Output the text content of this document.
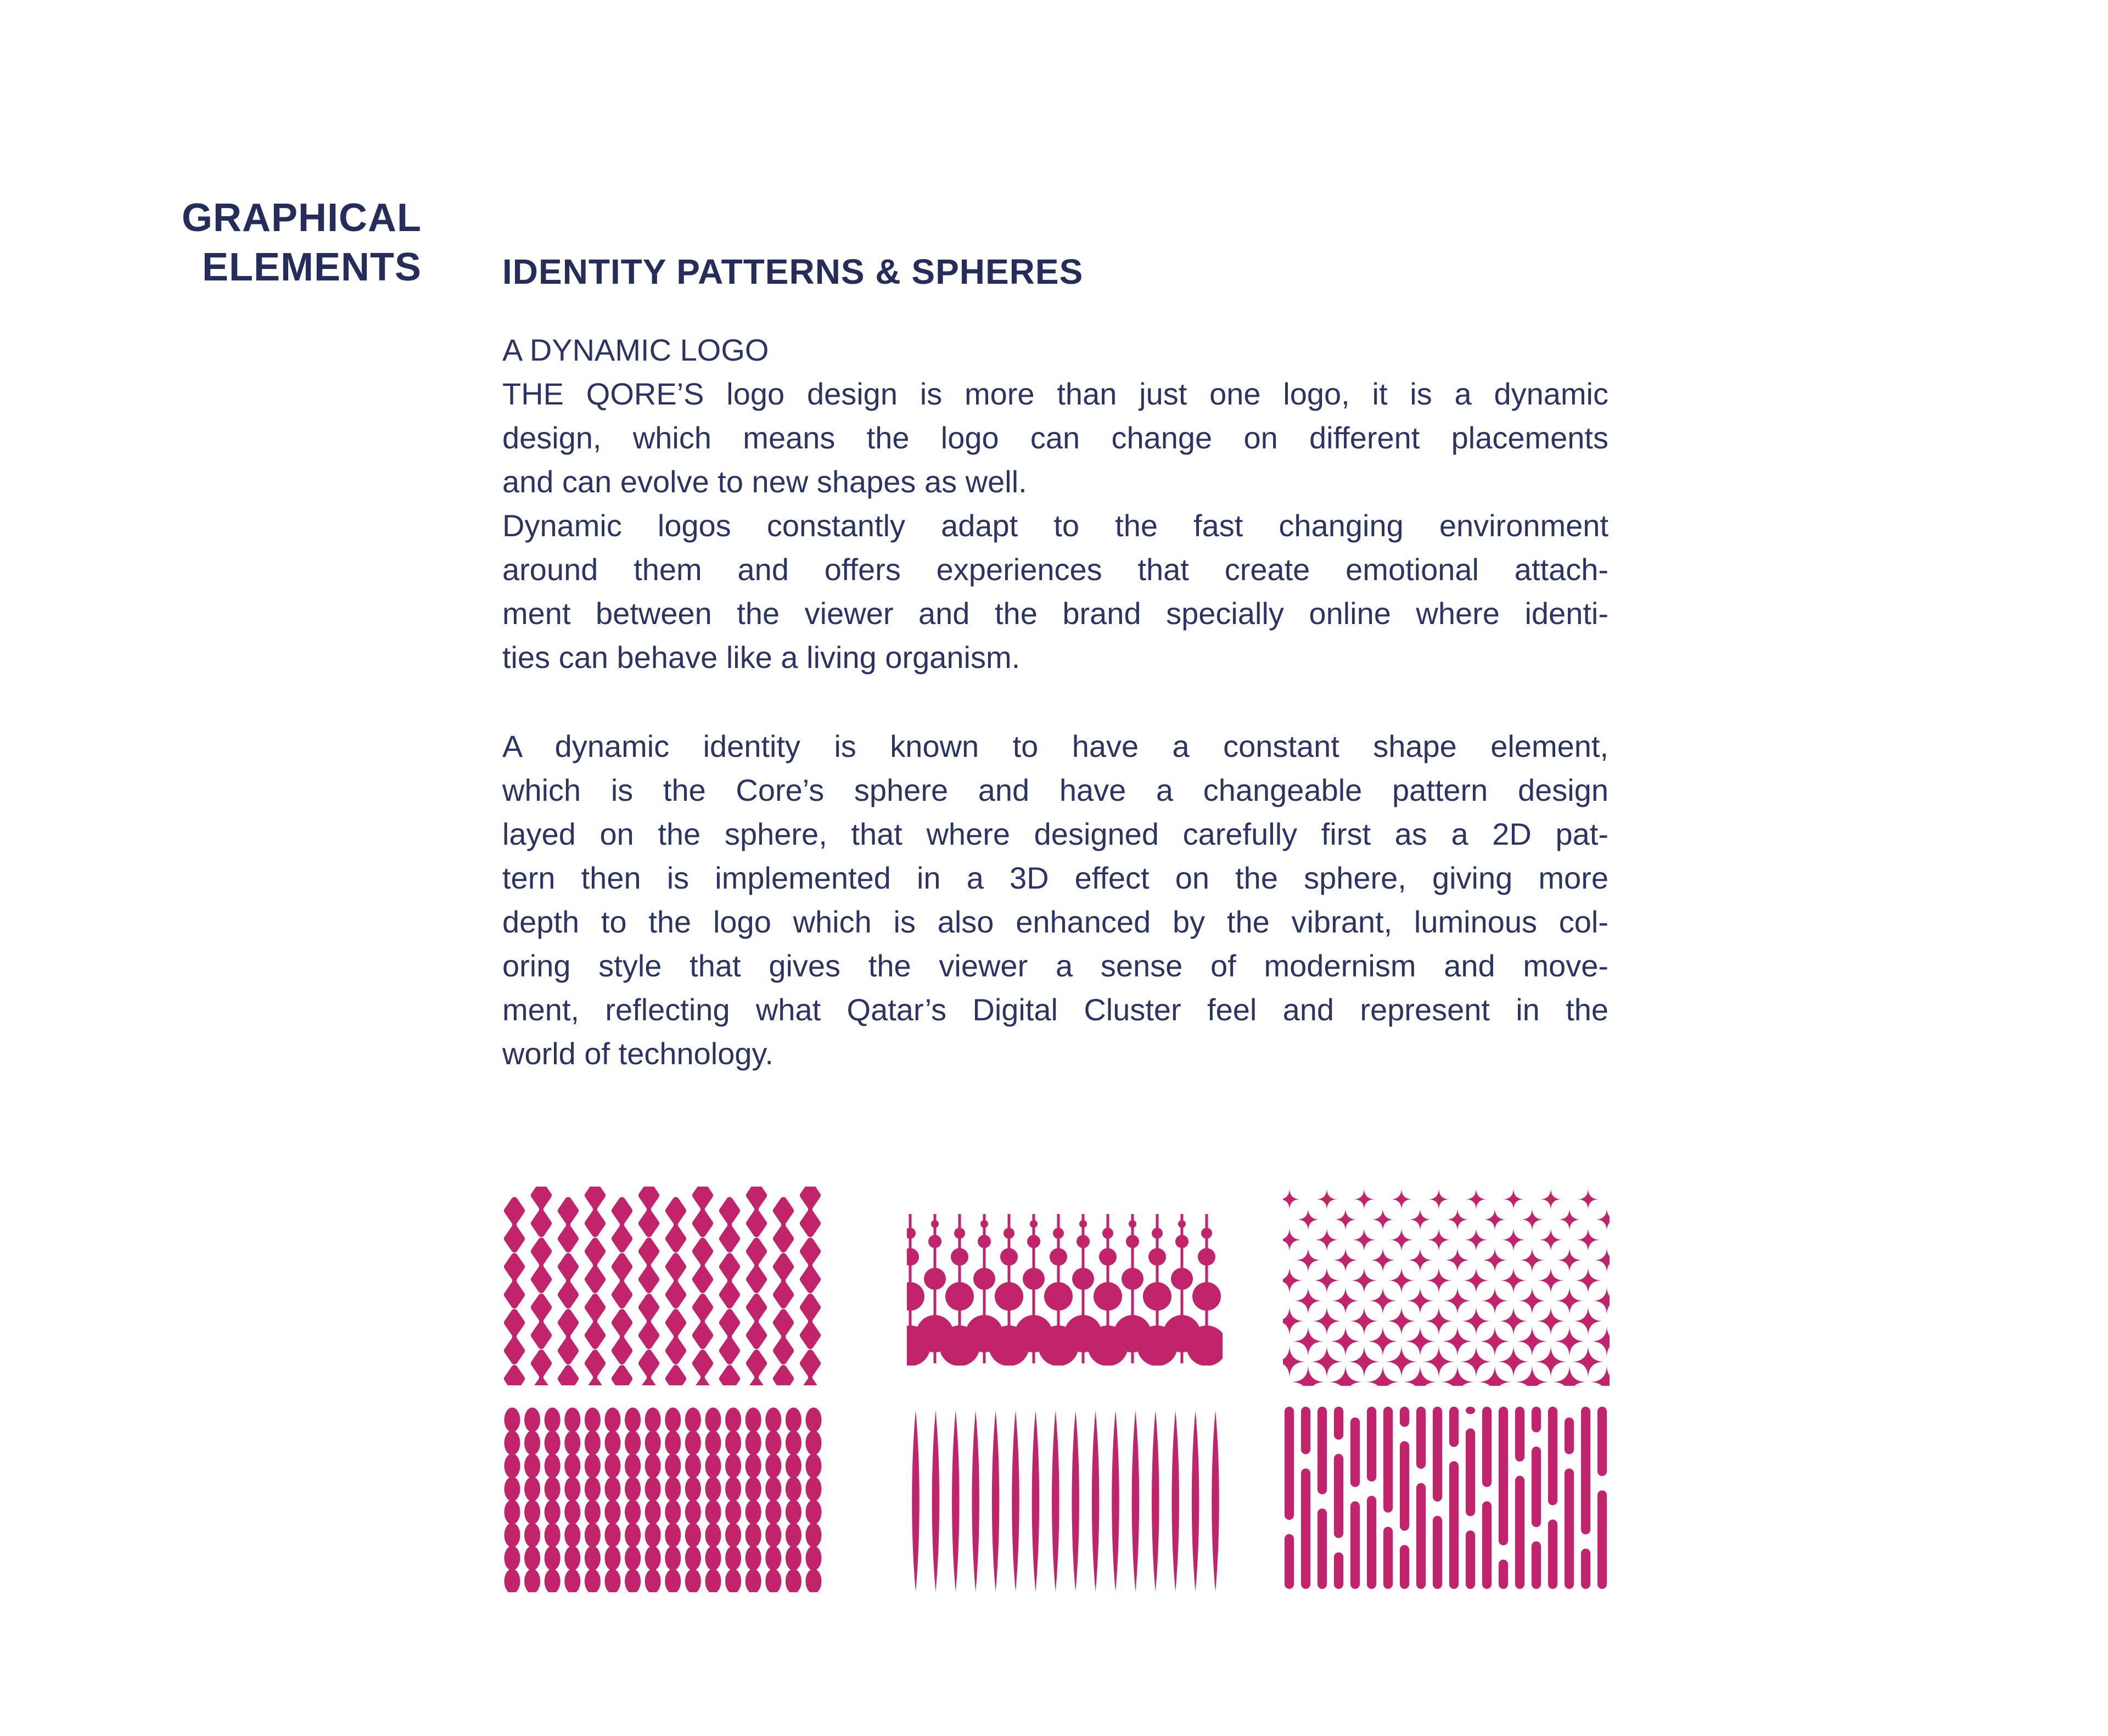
GRAPHICAL
ELEMENTS IDENTITY PATTERNS & SPHERES
A DYNAMIC LOGO
THE QORE’S logo design is more than just one logo, it is a dynamic
design, which means the logo can change on different placements
and can evolve to new shapes as well.
Dynamic logos constantly adapt to the fast changing environment
around them and offers experiences that create emotional attach-
ment between the viewer and the brand specially online where identi-
ties can behave like a living organism.
A dynamic identity is known to have a constant shape element,
which is the Core’s sphere and have a changeable pattern design
layed on the sphere, that where designed carefully first as a 2D pat-
tern then is implemented in a 3D effect on the sphere, giving more
depth to the logo which is also enhanced by the vibrant, luminous col-
oring style that gives the viewer a sense of modernism and move-
ment, reflecting what Qatar’s Digital Cluster feel and represent in the
world of technology.
